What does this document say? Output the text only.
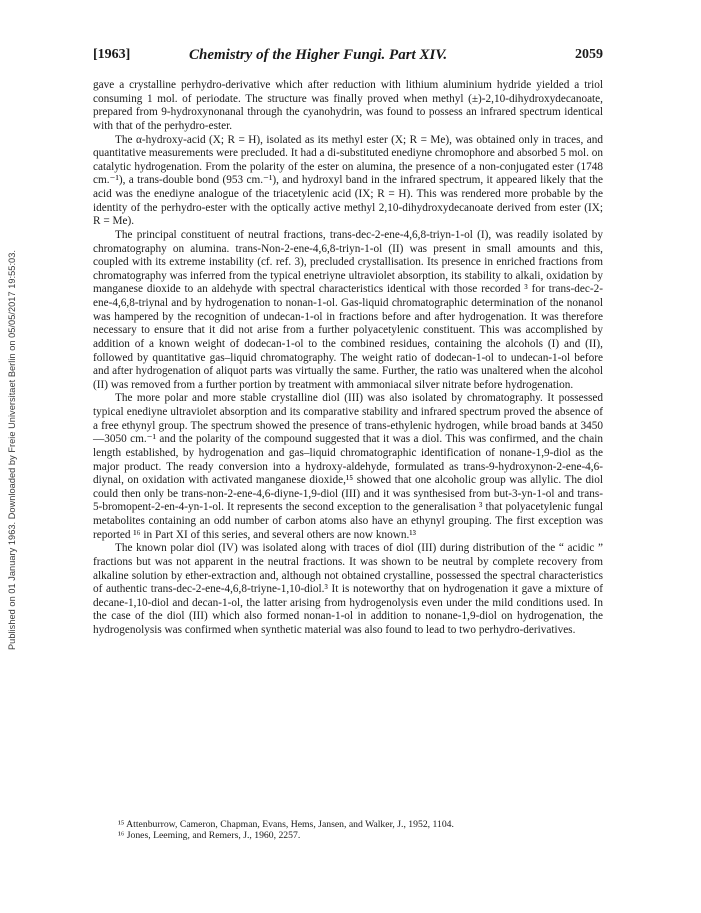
Published on 01 January 1963. Downloaded by Freie Universitaet Berlin on 05/05/2017 19:55:03.
[1963]	Chemistry of the Higher Fungi. Part XIV.	2059

gave a crystalline perhydro-derivative which after reduction with lithium aluminium hydride yielded a triol consuming 1 mol. of periodate. The structure was finally proved when methyl (±)-2,10-dihydroxydecanoate, prepared from 9-hydroxynonanal through the cyanohydrin, was found to possess an infrared spectrum identical with that of the perhydro-ester.

The α-hydroxy-acid (X; R = H), isolated as its methyl ester (X; R = Me), was obtained only in traces, and quantitative measurements were precluded. It had a di-substituted enediyne chromophore and absorbed 5 mol. on catalytic hydrogenation. From the polarity of the ester on alumina, the presence of a non-conjugated ester (1748 cm.⁻¹), a trans-double bond (953 cm.⁻¹), and hydroxyl band in the infrared spectrum, it appeared likely that the acid was the enediyne analogue of the triacetylenic acid (IX; R = H). This was rendered more probable by the identity of the perhydro-ester with the optically active methyl 2,10-dihydroxydecanoate derived from ester (IX; R = Me).

The principal constituent of neutral fractions, trans-dec-2-ene-4,6,8-triyn-1-ol (I), was readily isolated by chromatography on alumina. trans-Non-2-ene-4,6,8-triyn-1-ol (II) was present in small amounts and this, coupled with its extreme instability (cf. ref. 3), precluded crystallisation. Its presence in enriched fractions from chromatography was inferred from the typical enetriyne ultraviolet absorption, its stability to alkali, oxidation by manganese dioxide to an aldehyde with spectral characteristics identical with those recorded ³ for trans-dec-2-ene-4,6,8-triynal and by hydrogenation to nonan-1-ol. Gas-liquid chromatographic determination of the nonanol was hampered by the recognition of undecan-1-ol in fractions before and after hydrogenation. It was therefore necessary to ensure that it did not arise from a further polyacetylenic constituent. This was accomplished by addition of a known weight of dodecan-1-ol to the combined residues, containing the alcohols (I) and (II), followed by quantitative gas–liquid chromatography. The weight ratio of dodecan-1-ol to undecan-1-ol before and after hydrogenation of aliquot parts was virtually the same. Further, the ratio was unaltered when the alcohol (II) was removed from a further portion by treatment with ammoniacal silver nitrate before hydrogenation.

The more polar and more stable crystalline diol (III) was also isolated by chromatography. It possessed typical enediyne ultraviolet absorption and its comparative stability and infrared spectrum proved the absence of a free ethynyl group. The spectrum showed the presence of trans-ethylenic hydrogen, while broad bands at 3450—3050 cm.⁻¹ and the polarity of the compound suggested that it was a diol. This was confirmed, and the chain length established, by hydrogenation and gas–liquid chromatographic identification of nonane-1,9-diol as the major product. The ready conversion into a hydroxy-aldehyde, formulated as trans-9-hydroxynon-2-ene-4,6-diynal, on oxidation with activated manganese dioxide,¹⁵ showed that one alcoholic group was allylic. The diol could then only be trans-non-2-ene-4,6-diyne-1,9-diol (III) and it was synthesised from but-3-yn-1-ol and trans-5-bromopent-2-en-4-yn-1-ol. It represents the second exception to the generalisation ³ that polyacetylenic fungal metabolites containing an odd number of carbon atoms also have an ethynyl grouping. The first exception was reported ¹⁶ in Part XI of this series, and several others are now known.¹³

The known polar diol (IV) was isolated along with traces of diol (III) during distribution of the “ acidic ” fractions but was not apparent in the neutral fractions. It was shown to be neutral by complete recovery from alkaline solution by ether-extraction and, although not obtained crystalline, possessed the spectral characteristics of authentic trans-dec-2-ene-4,6,8-triyne-1,10-diol.³ It is noteworthy that on hydrogenation it gave a mixture of decane-1,10-diol and decan-1-ol, the latter arising from hydrogenolysis even under the mild conditions used. In the case of the diol (III) which also formed nonan-1-ol in addition to nonane-1,9-diol on hydrogenation, the hydrogenolysis was confirmed when synthetic material was also found to lead to two perhydro-derivatives.

¹⁵ Attenburrow, Cameron, Chapman, Evans, Hems, Jansen, and Walker, J., 1952, 1104.
¹⁶ Jones, Leeming, and Remers, J., 1960, 2257.
